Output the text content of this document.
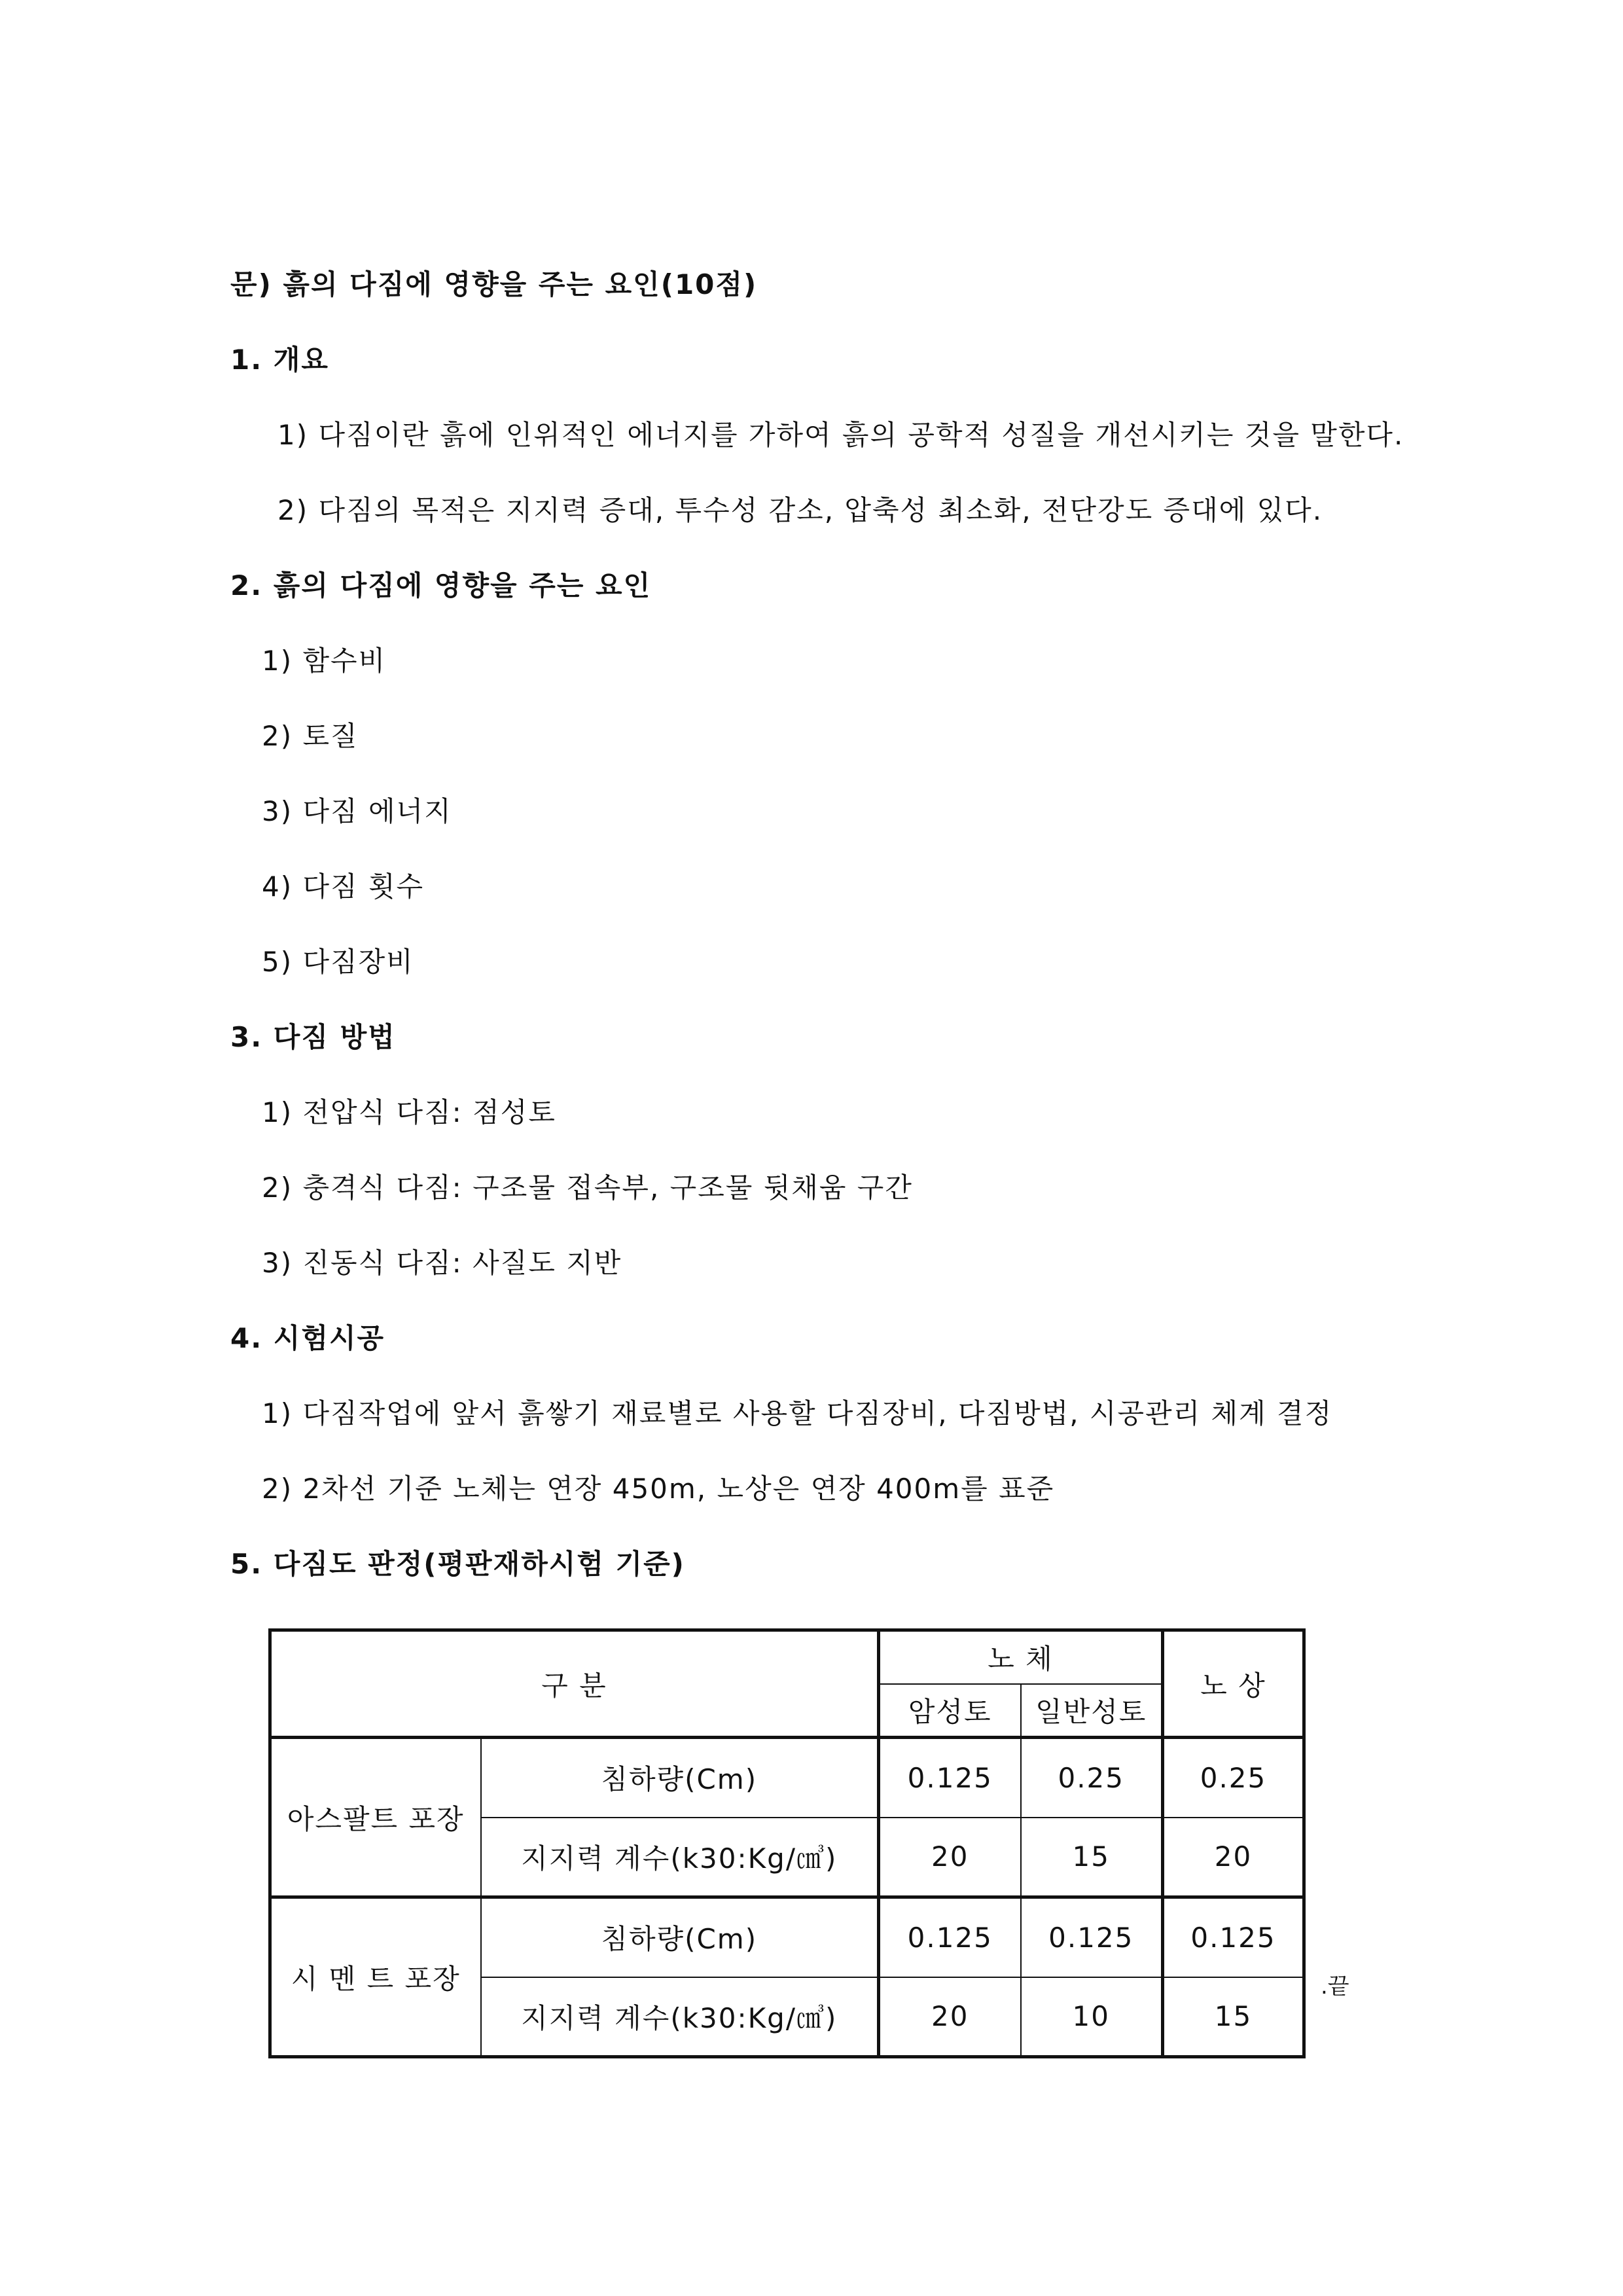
문) 흙의 다짐에 영향을 주는 요인(10점)
1. 개요
1) 다짐이란 흙에 인위적인 에너지를 가하여 흙의 공학적 성질을 개선시키는 것을 말한다.
2) 다짐의 목적은 지지력 증대, 투수성 감소, 압축성 최소화, 전단강도 증대에 있다.
2. 흙의 다짐에 영향을 주는 요인
1) 함수비
2) 토질
3) 다짐 에너지
4) 다짐 횟수
5) 다짐장비
3. 다짐 방법
1) 전압식 다짐: 점성토
2) 충격식 다짐: 구조물 접속부, 구조물 뒷채움 구간
3) 진동식 다짐: 사질도 지반
4. 시험시공
1) 다짐작업에 앞서 흙쌓기 재료별로 사용할 다짐장비, 다짐방법, 시공관리 체계 결정
2) 2차선 기준 노체는 연장 450m, 노상은 연장 400m를 표준
5. 다짐도 판정(평판재하시험 기준)
구 분		노 체		노 상
		암성토	일반성토	
아스팔트 포장	침하량(Cm)	0.125	0.25	0.25
	지지력 계수(k30:Kg/㎤)	20	15	20
시 멘 트 포장	침하량(Cm)	0.125	0.125	0.125
	지지력 계수(k30:Kg/㎤)	20	10	15
.끝
